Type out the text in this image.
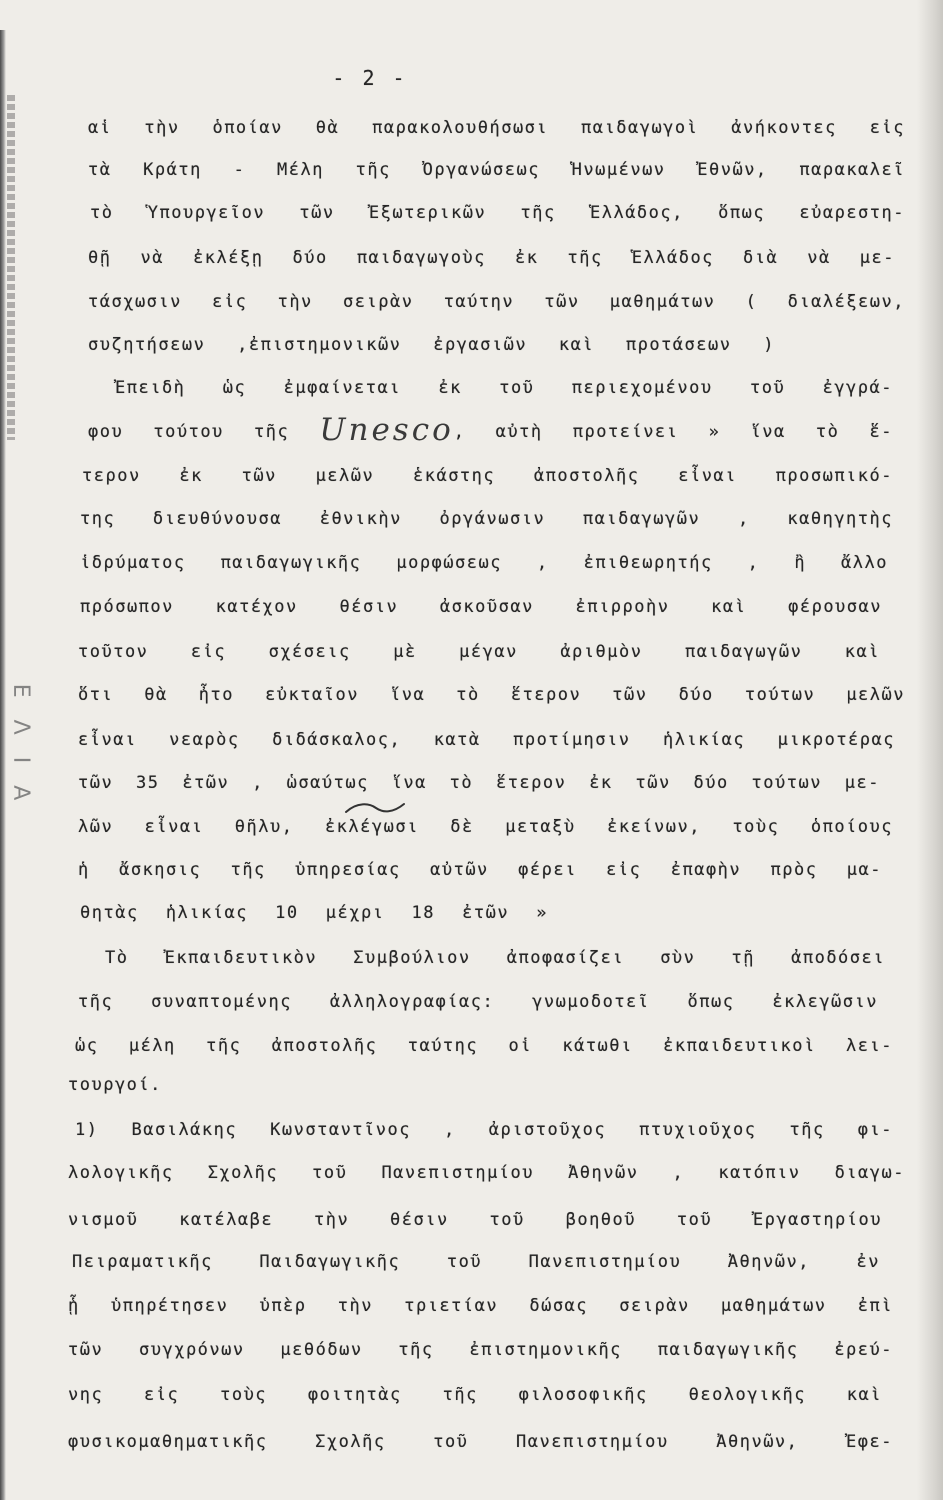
ΕΛΙΑ
- 2 -
αἱ τὴν ὁποίαν θὰ παρακολουθήσωσι παιδαγωγοὶ ἀνήκοντες εἰς
τὰ Κράτη - Μέλη τῆς Ὀργανώσεως Ἡνωμένων Ἐθνῶν, παρακαλεῖ
τὸ Ὑπουργεῖον τῶν Ἐξωτερικῶν τῆς Ἑλλάδος, ὅπως εὐαρεστη-
θῇ νὰ ἐκλέξῃ δύο παιδαγωγοὺς ἐκ τῆς Ἑλλάδος διὰ νὰ με-
τάσχωσιν εἰς τὴν σειρὰν ταύτην τῶν μαθημάτων ( διαλέξεων,
συζητήσεων ,ἐπιστημονικῶν ἐργασιῶν καὶ προτάσεων )
Ἐπειδὴ ὡς ἐμφαίνεται ἐκ τοῦ περιεχομένου τοῦ ἐγγρά-
φου τούτου τῆς Unesco, αὐτὴ προτείνει » ἵνα τὸ ἕ-
τερον ἐκ τῶν μελῶν ἑκάστης ἀποστολῆς εἶναι προσωπικό-
της διευθύνουσα ἐθνικὴν ὀργάνωσιν παιδαγωγῶν , καθηγητὴς
ἱδρύματος παιδαγωγικῆς μορφώσεως , ἐπιθεωρητής , ἢ ἄλλο
πρόσωπον κατέχον θέσιν ἀσκοῦσαν ἐπιρροὴν καὶ φέρουσαν
τοῦτον εἰς σχέσεις μὲ μέγαν ἀριθμὸν παιδαγωγῶν καὶ
ὅτι θὰ ἦτο εὐκταῖον ἵνα τὸ ἕτερον τῶν δύο τούτων μελῶν
εἶναι νεαρὸς διδάσκαλος, κατὰ προτίμησιν ἡλικίας μικροτέρας
τῶν 35 ἐτῶν , ὡσαύτως ἵνα τὸ ἕτερον ἐκ τῶν δύο τούτων με-
λῶν εἶναι θῆλυ, ἐκλέγωσι δὲ μεταξὺ ἐκείνων, τοὺς ὁποίους
ἡ ἄσκησις τῆς ὑπηρεσίας αὐτῶν φέρει εἰς ἐπαφὴν πρὸς μα-
θητὰς ἡλικίας 10 μέχρι 18 ἐτῶν »
Τὸ Ἐκπαιδευτικὸν Συμβούλιον ἀποφασίζει σὺν τῇ ἀποδόσει
τῆς συναπτομένης ἀλληλογραφίας: γνωμοδοτεῖ ὅπως ἐκλεγῶσιν
ὡς μέλη τῆς ἀποστολῆς ταύτης οἱ κάτωθι ἐκπαιδευτικοὶ λει-
τουργοί.
1) Βασιλάκης Κωνσταντῖνος , ἀριστοῦχος πτυχιοῦχος τῆς φι-
λολογικῆς Σχολῆς τοῦ Πανεπιστημίου Ἀθηνῶν , κατόπιν διαγω-
νισμοῦ κατέλαβε τὴν θέσιν τοῦ βοηθοῦ τοῦ Ἐργαστηρίου
Πειραματικῆς Παιδαγωγικῆς τοῦ Πανεπιστημίου Ἀθηνῶν, ἐν
ᾗ ὑπηρέτησεν ὑπὲρ τὴν τριετίαν δώσας σειρὰν μαθημάτων ἐπὶ
τῶν συγχρόνων μεθόδων τῆς ἐπιστημονικῆς παιδαγωγικῆς ἐρεύ-
νης εἰς τοὺς φοιτητὰς τῆς φιλοσοφικῆς θεολογικῆς καὶ
φυσικομαθηματικῆς Σχολῆς τοῦ Πανεπιστημίου Ἀθηνῶν, Ἐφε-
